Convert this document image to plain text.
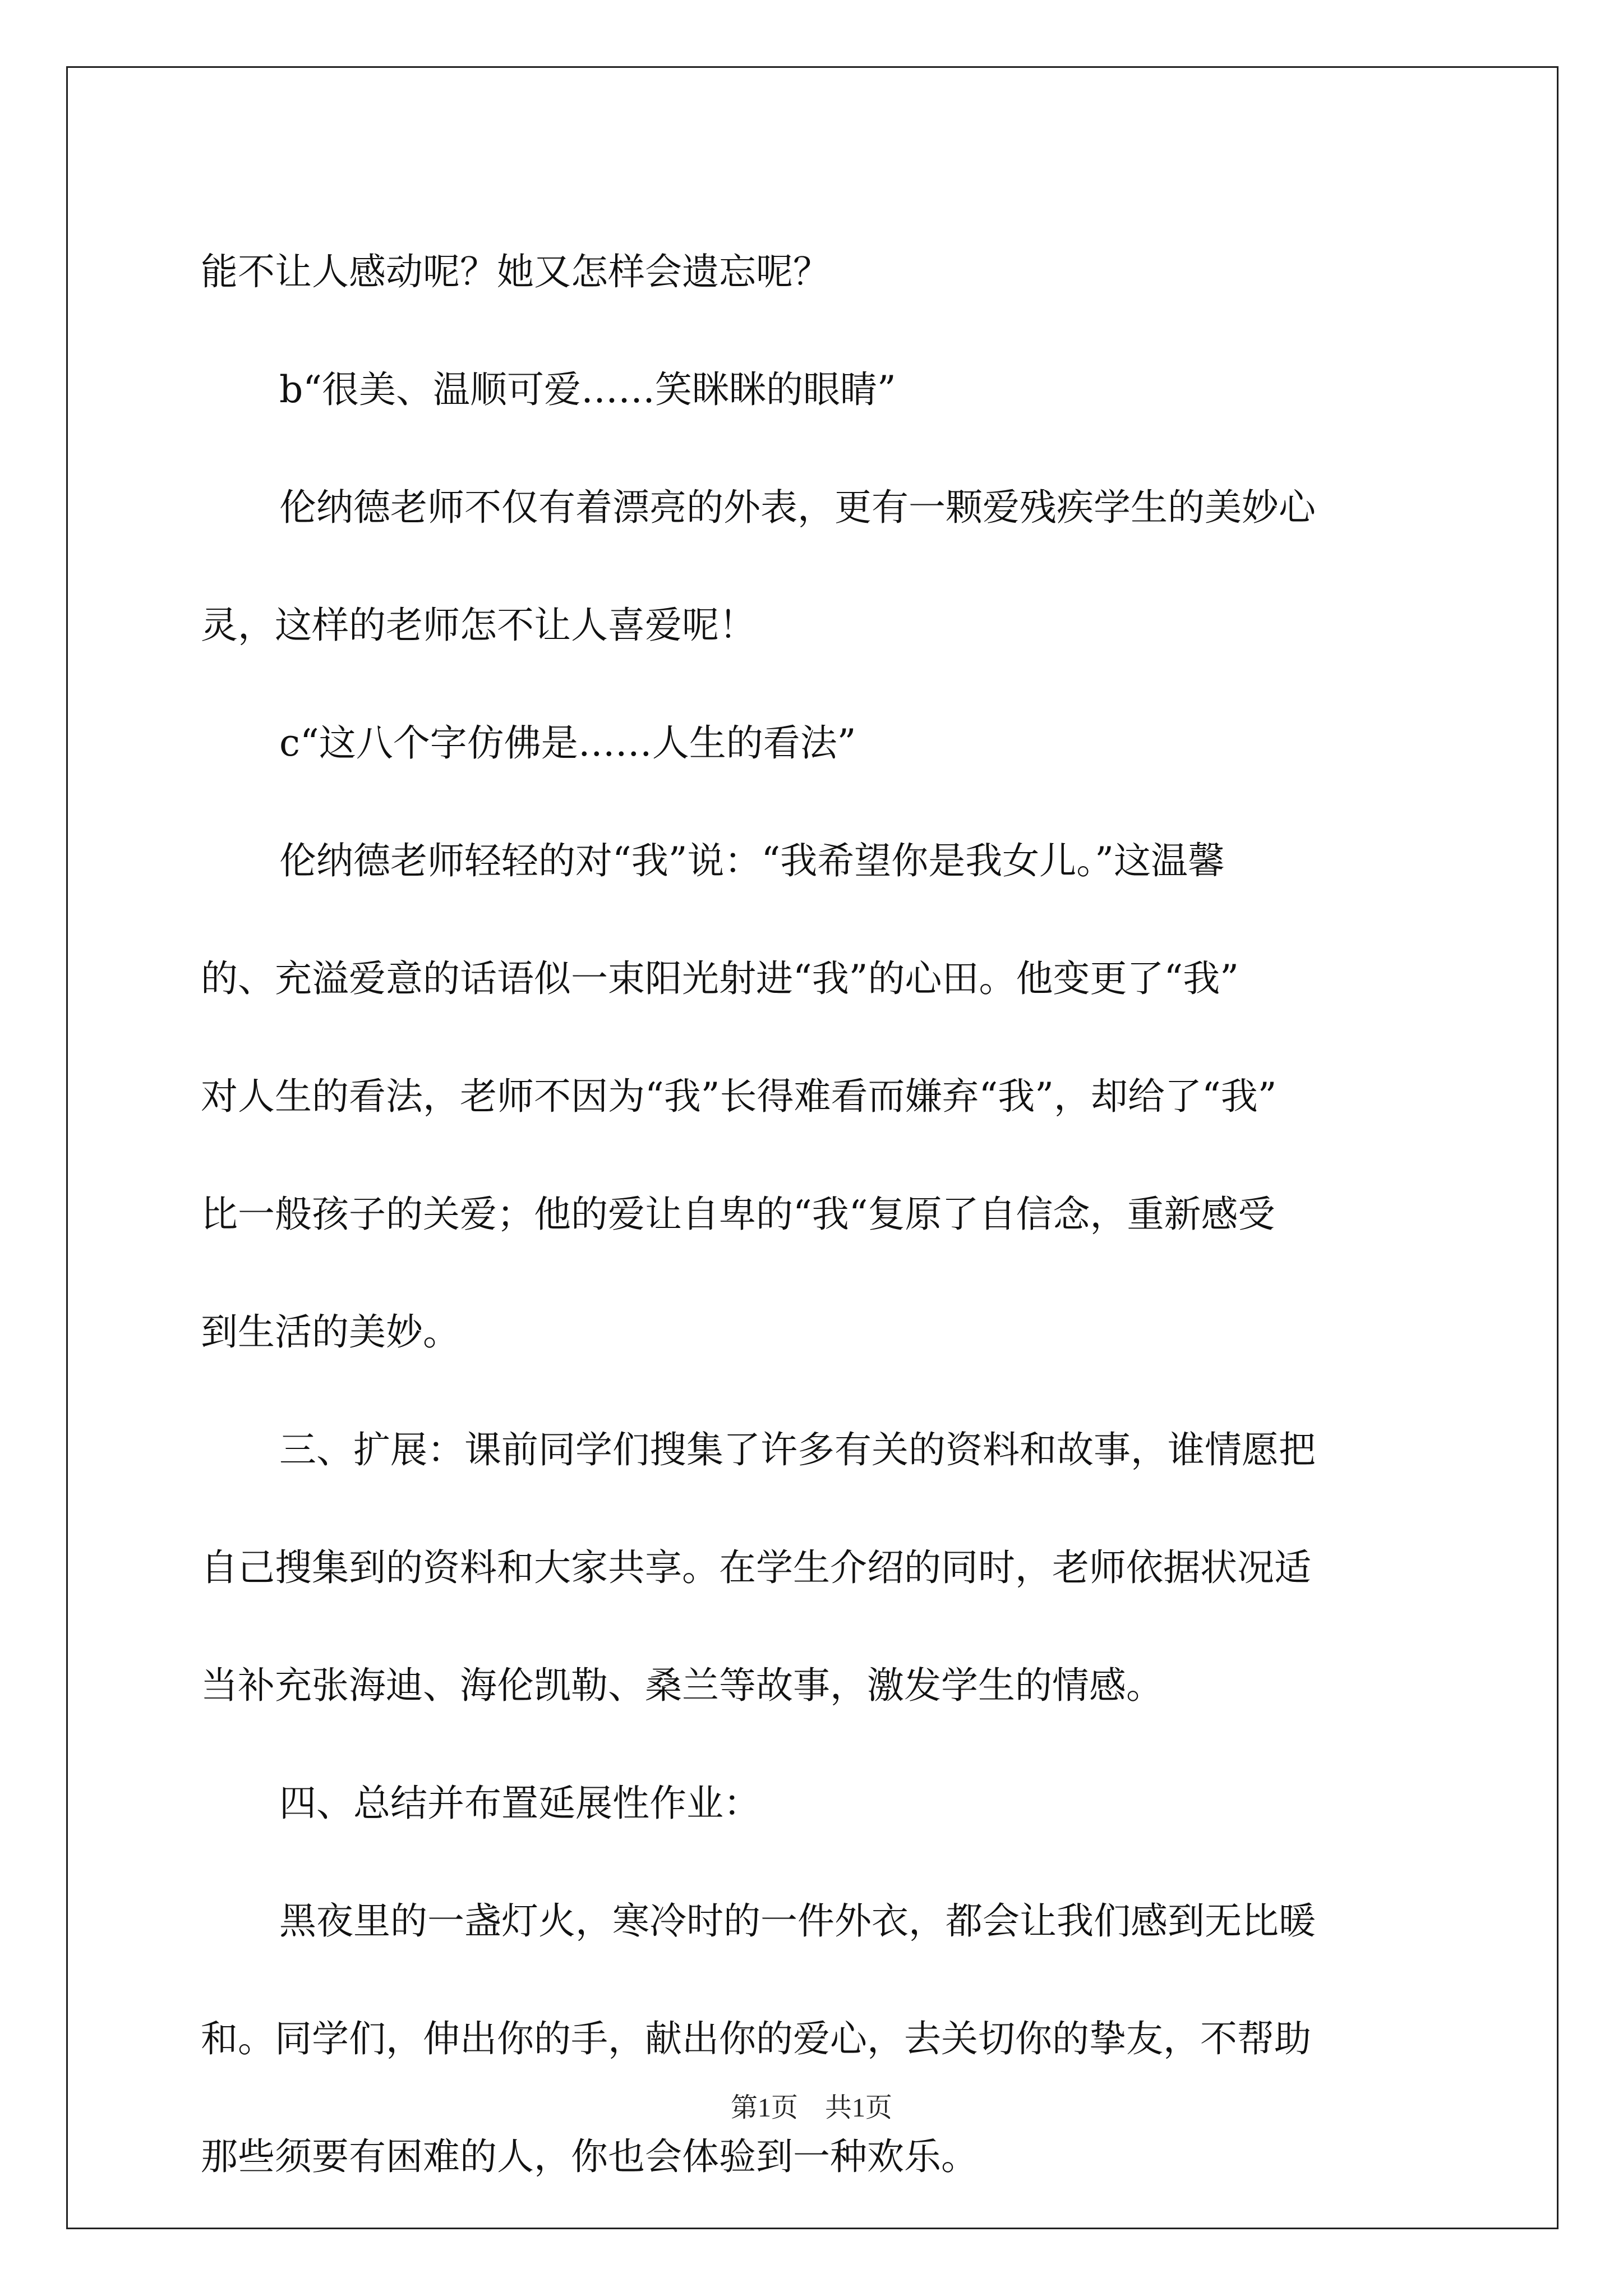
能不让人感动呢？她又怎样会遗忘呢？
b“很美、温顺可爱……笑眯眯的眼睛”
伦纳德老师不仅有着漂亮的外表，更有一颗爱残疾学生的美妙心
灵，这样的老师怎不让人喜爱呢！
c“这八个字仿佛是……人生的看法”
伦纳德老师轻轻的对“我”说：“我希望你是我女儿。”这温馨
的、充溢爱意的话语似一束阳光射进“我”的心田。他变更了“我”
对人生的看法，老师不因为“我”长得难看而嫌弃“我”，却给了“我”
比一般孩子的关爱；他的爱让自卑的“我“复原了自信念，重新感受
到生活的美妙。
三、扩展：课前同学们搜集了许多有关的资料和故事，谁情愿把
自己搜集到的资料和大家共享。在学生介绍的同时，老师依据状况适
当补充张海迪、海伦凯勒、桑兰等故事，激发学生的情感。
四、总结并布置延展性作业：
黑夜里的一盏灯火，寒冷时的一件外衣，都会让我们感到无比暖
和。同学们，伸出你的手，献出你的爱心，去关切你的挚友，不帮助
那些须要有困难的人，你也会体验到一种欢乐。
第1页　共1页
